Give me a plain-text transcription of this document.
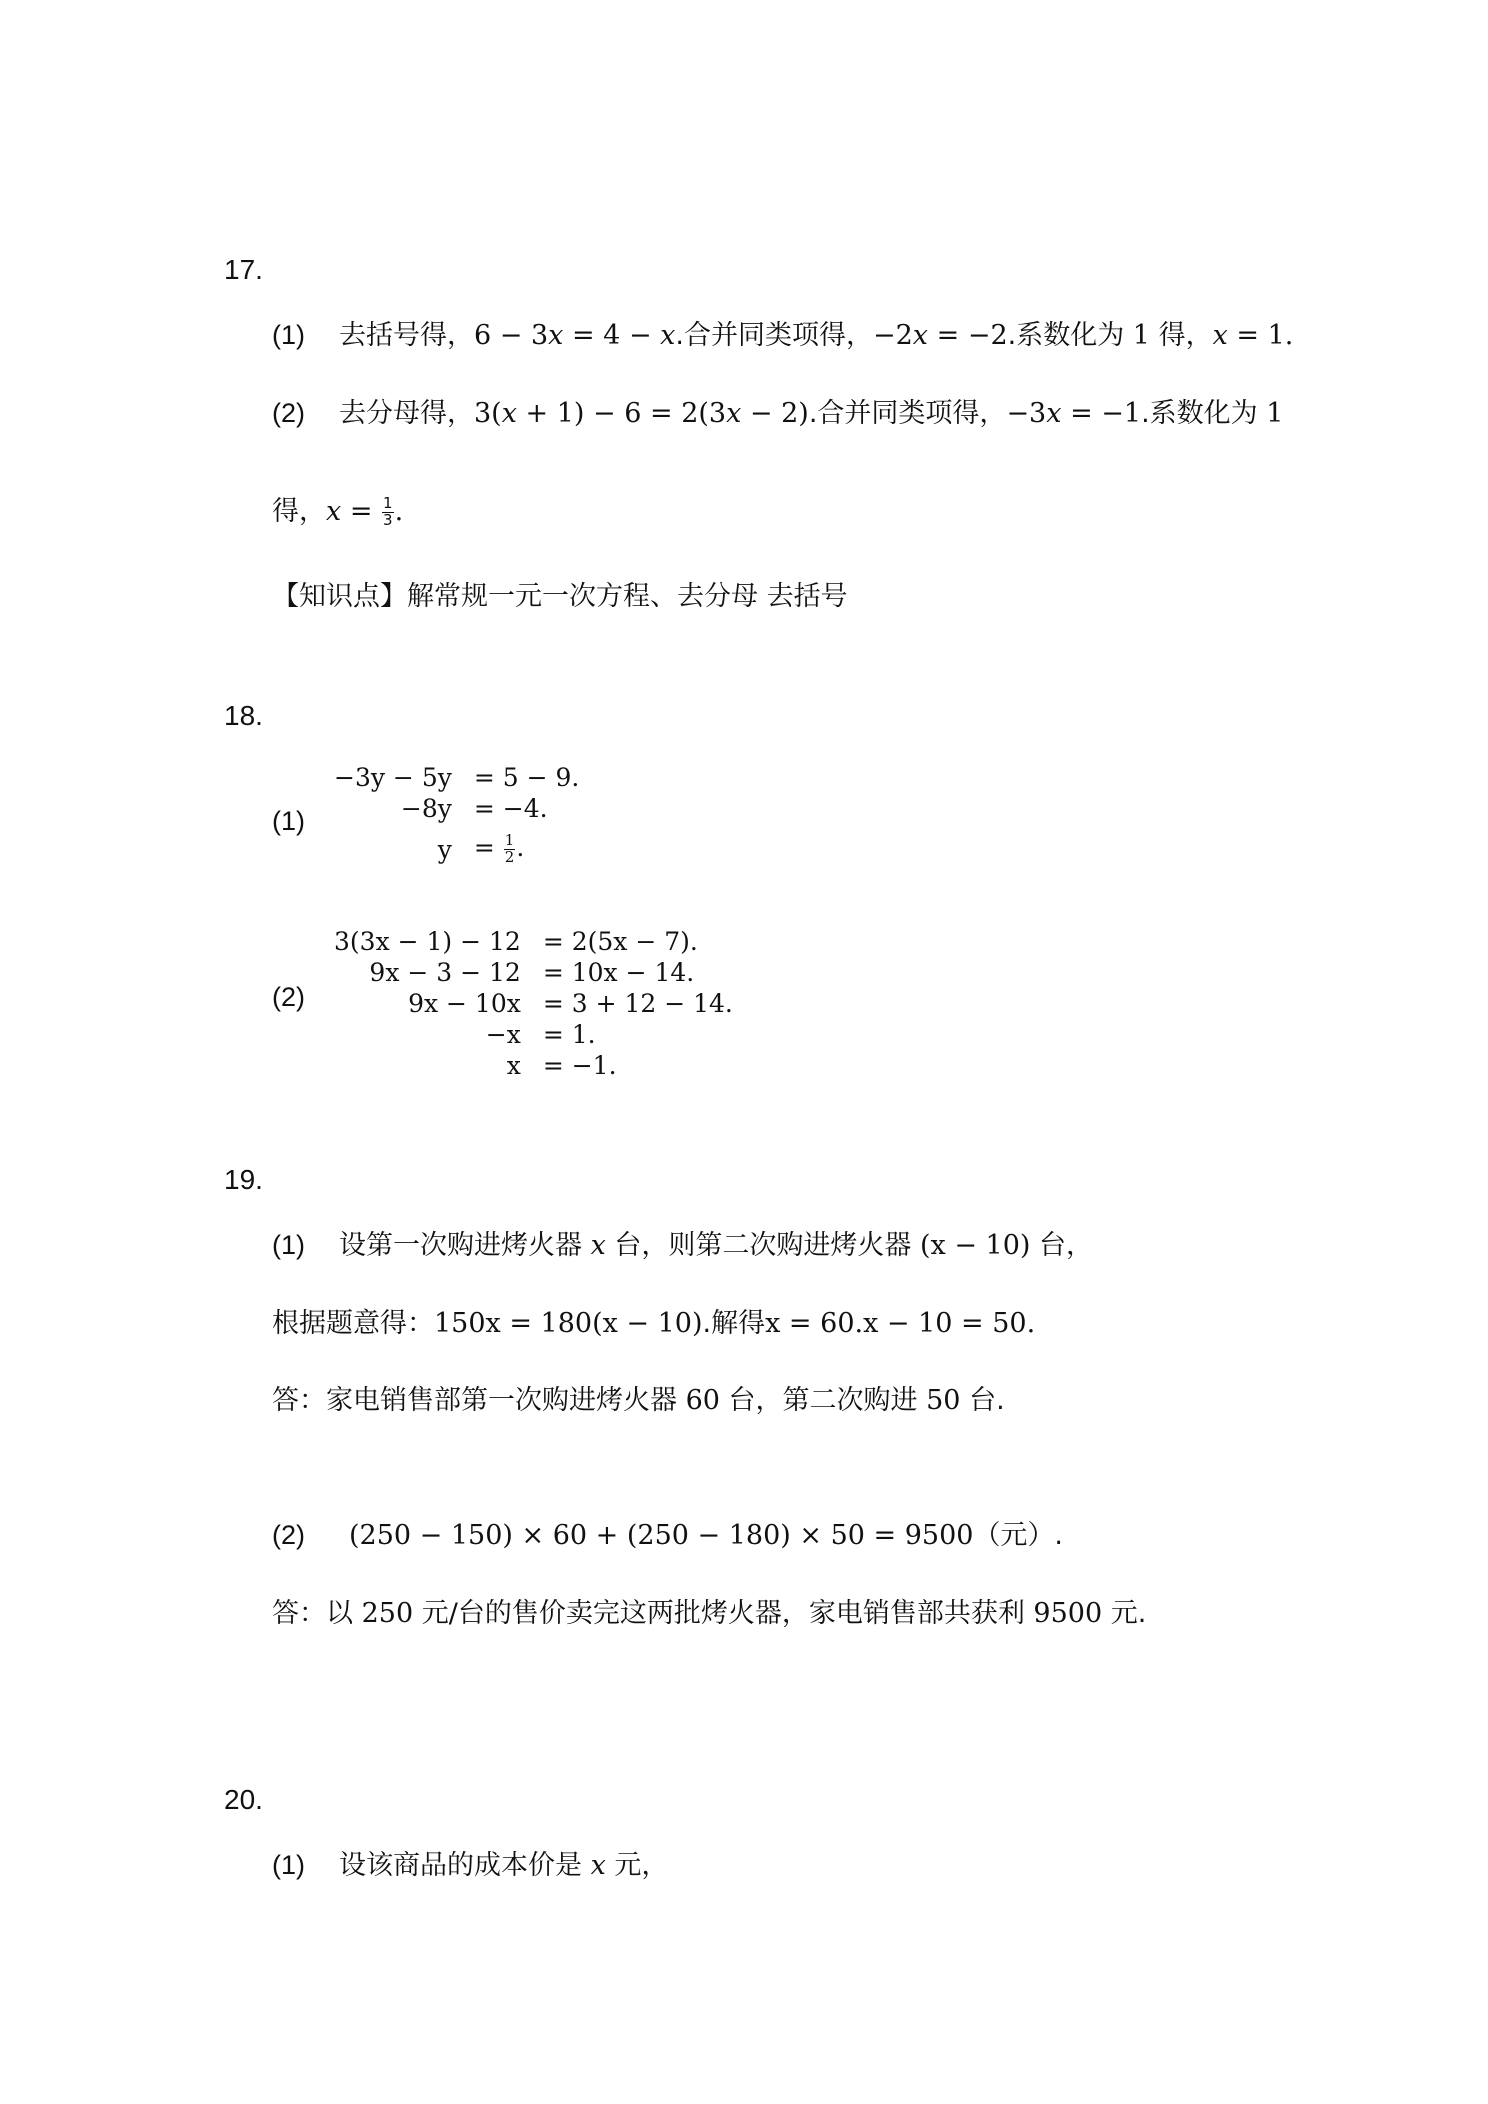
17.
(1) 去括号得，6 − 3x = 4 − x.合并同类项得，−2x = −2.系数化为 1 得，x = 1.
(2) 去分母得，3(x + 1) − 6 = 2(3x − 2).合并同类项得，−3x = −1.系数化为 1
得，$x = \frac{1}{3}$ .
【知识点】解常规一元一次方程、去分母 去括号
18.
(1)
−3y − 5y	= 5 − 9.
−8y	= −4.
y	= $\frac{1}{2}$ .
(2)
3(3x − 1) − 12	= 2(5x − 7).
9x − 3 − 12	= 10x − 14.
9x − 10x	= 3 + 12 − 14.
−x	= 1.
x	= −1.
19.
(1) 设第一次购进烤火器 x 台，则第二次购进烤火器 (x − 10) 台，
根据题意得：150x = 180(x − 10).解得x = 60.x − 10 = 50.
答：家电销售部第一次购进烤火器 60 台，第二次购进 50 台.
(2) (250 − 150) × 60 + (250 − 180) × 50 = 9500（元）.
答：以 250 元/台的售价卖完这两批烤火器，家电销售部共获利 9500 元.
20.
(1) 设该商品的成本价是 x 元，
